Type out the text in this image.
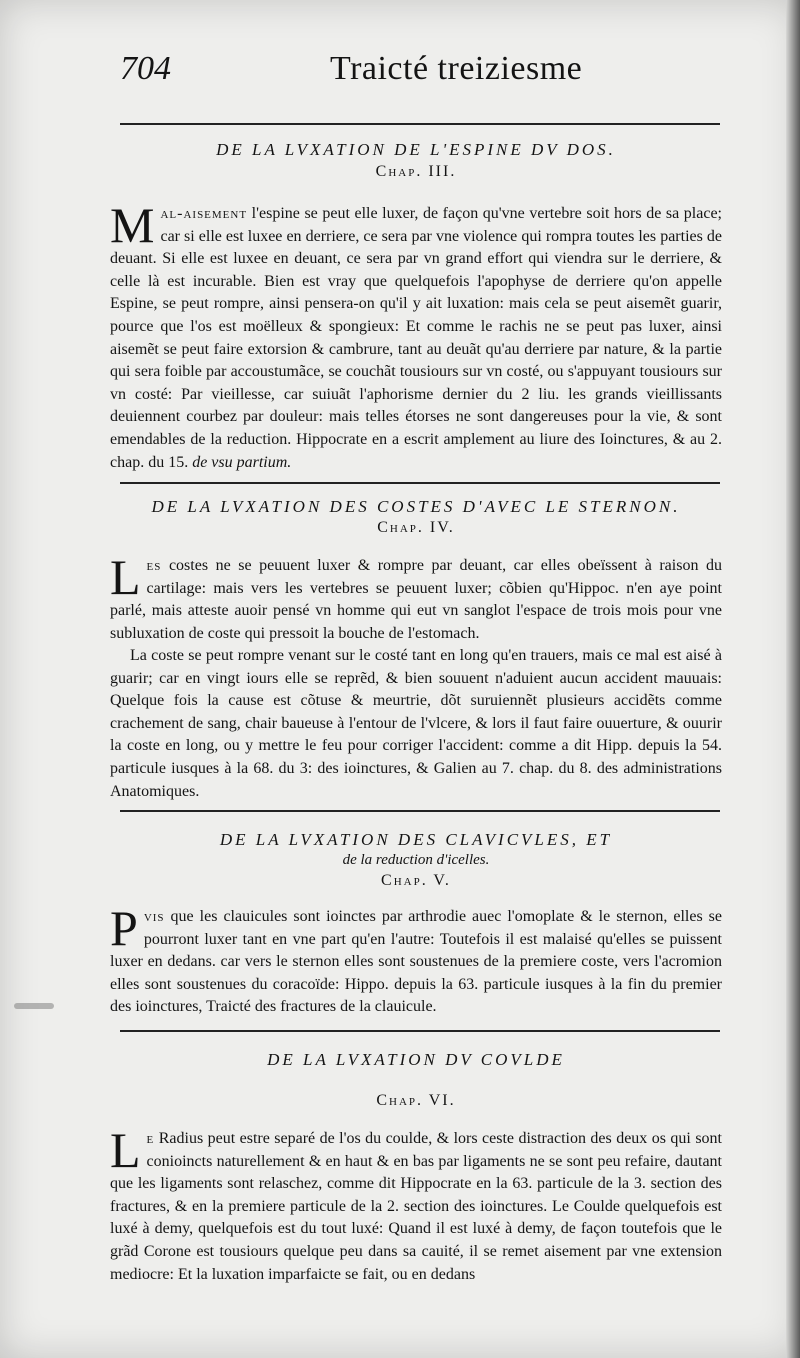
704	Traicté treiziesme
DE LA LVXATION DE L'ESPINE DV DOS.
Chap. III.
Mal-aisement l'espine se peut elle luxer, de façon qu'vne vertebre soit hors de sa place; car si elle est luxee en derriere, ce sera par vne violence qui rompra toutes les parties de deuant. Si elle est luxee en deuant, ce sera par vn grand effort qui viendra sur le derriere, & celle là est incurable. Bien est vray que quelquefois l'apophyse de derriere qu'on appelle Espine, se peut rompre, ainsi pensera-on qu'il y ait luxation: mais cela se peut aisemẽt guarir, pource que l'os est moëlleux & spongieux: Et comme le rachis ne se peut pas luxer, ainsi aisemẽt se peut faire extorsion & cambrure, tant au deuãt qu'au derriere par nature, & la partie qui sera foible par accoustumãce, se couchãt tousiours sur vn costé, ou s'appuyant tousiours sur vn costé: Par vieillesse, car suiuãt l'aphorisme dernier du 2 liu. les grands vieillissants deuiennent courbez par douleur: mais telles étorses ne sont dangereuses pour la vie, & sont emendables de la reduction. Hippocrate en a escrit amplement au liure des Ioinctures, & au 2. chap. du 15. de vsu partium.
DE LA LVXATION DES COSTES D'AVEC LE STERNON.
Chap. IV.
Les costes ne se peuuent luxer & rompre par deuant, car elles obeïssent à raison du cartilage: mais vers les vertebres se peuuent luxer; cõbien qu'Hippoc. n'en aye point parlé, mais atteste auoir pensé vn homme qui eut vn sanglot l'espace de trois mois pour vne subluxation de coste qui pressoit la bouche de l'estomach.
La coste se peut rompre venant sur le costé tant en long qu'en trauers, mais ce mal est aisé à guarir; car en vingt iours elle se reprẽd, & bien souuent n'aduient aucun accident mauuais: Quelque fois la cause est cõtuse & meurtrie, dõt suruiennẽt plusieurs accidẽts comme crachement de sang, chair baueuse à l'entour de l'vlcere, & lors il faut faire ouuerture, & ouurir la coste en long, ou y mettre le feu pour corriger l'accident: comme a dit Hipp. depuis la 54. particule iusques à la 68. du 3: des ioinctures, & Galien au 7. chap. du 8. des administrations Anatomiques.
DE LA LVXATION DES CLAVICVLES, ET
de la reduction d'icelles.
Chap. V.
Pvis que les clauicules sont ioinctes par arthrodie auec l'omoplate & le sternon, elles se pourront luxer tant en vne part qu'en l'autre: Toutefois il est malaisé qu'elles se puissent luxer en dedans. car vers le sternon elles sont soustenues de la premiere coste, vers l'acromion elles sont soustenues du coracoïde: Hippo. depuis la 63. particule iusques à la fin du premier des ioinctures, Traicté des fractures de la clauicule.
DE LA LVXATION DV COVLDE
Chap. VI.
Le Radius peut estre separé de l'os du coulde, & lors ceste distraction des deux os qui sont conioincts naturellement & en haut & en bas par ligaments ne se sont peu refaire, dautant que les ligaments sont relaschez, comme dit Hippocrate en la 63. particule de la 3. section des fractures, & en la premiere particule de la 2. section des ioinctures. Le Coulde quelquefois est luxé à demy, quelquefois est du tout luxé: Quand il est luxé à demy, de façon toutefois que le grãd Corone est tousiours quelque peu dans sa cauité, il se remet aisement par vne extension mediocre: Et la luxation imparfaicte se fait, ou en dedans
